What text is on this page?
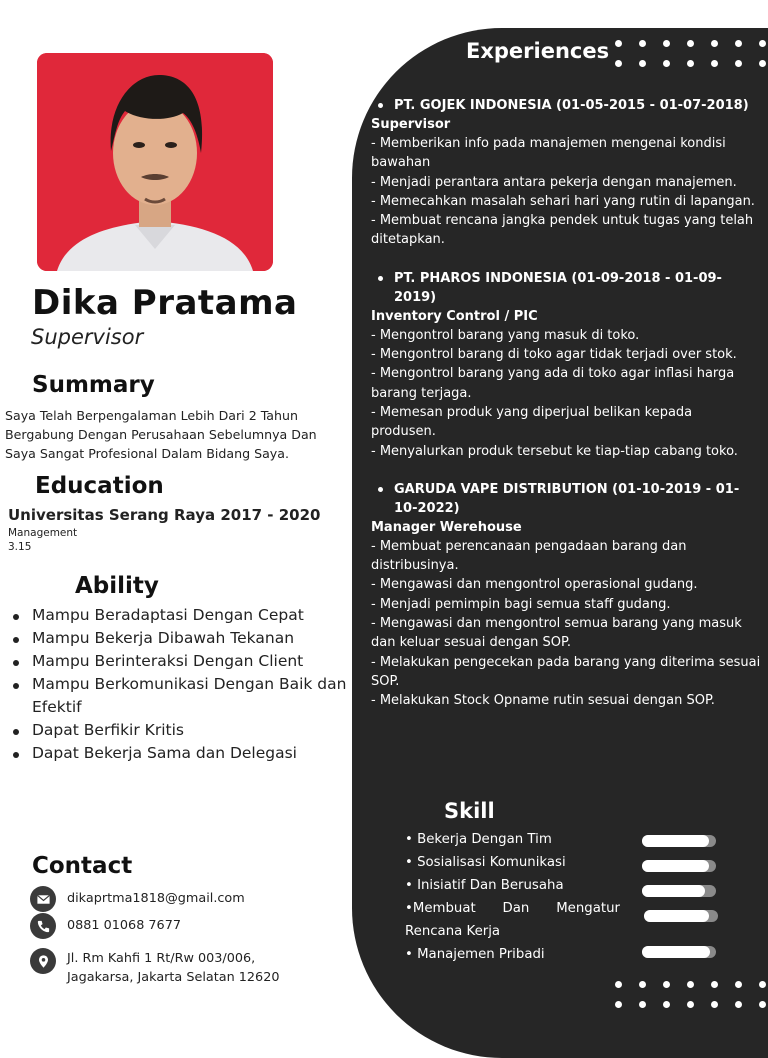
Experiences
PT. GOJEK INDONESIA (01-05-2015 - 01-07-2018)
Supervisor
- Memberikan info pada manajemen mengenai kondisi bawahan
- Menjadi perantara antara pekerja dengan manajemen.
- Memecahkan masalah sehari hari yang rutin di lapangan.
- Membuat rencana jangka pendek untuk tugas yang telah ditetapkan.
PT. PHAROS INDONESIA (01-09-2018 - 01-09-2019)
Inventory Control / PIC
- Mengontrol barang yang masuk di toko.
- Mengontrol barang di toko agar tidak terjadi over stok.
- Mengontrol barang yang ada di toko agar inflasi harga barang terjaga.
- Memesan produk yang diperjual belikan kepada produsen.
- Menyalurkan produk tersebut ke tiap-tiap cabang toko.
GARUDA VAPE DISTRIBUTION (01-10-2019 - 01-10-2022)
Manager Werehouse
- Membuat perencanaan pengadaan barang dan distribusinya.
- Mengawasi dan mengontrol operasional gudang.
- Menjadi pemimpin bagi semua staff gudang.
- Mengawasi dan mengontrol semua barang yang masuk dan keluar sesuai dengan SOP.
- Melakukan pengecekan pada barang yang diterima sesuai SOP.
- Melakukan Stock Opname rutin sesuai dengan SOP.
Skill
• Bekerja Dengan Tim
• Sosialisasi Komunikasi
• Inisiatif Dan Berusaha
•Membuat Dan Mengatur Rencana Kerja
• Manajemen Pribadi
Dika Pratama
Supervisor
Summary
Saya Telah Berpengalaman Lebih Dari 2 Tahun Bergabung Dengan Perusahaan Sebelumnya Dan Saya Sangat Profesional Dalam Bidang Saya.
Education
Universitas Serang Raya 2017 - 2020
Management
3.15
Ability
Mampu Beradaptasi Dengan Cepat
Mampu Bekerja Dibawah Tekanan
Mampu Berinteraksi Dengan Client
Mampu Berkomunikasi Dengan Baik dan Efektif
Dapat Berfikir Kritis
Dapat Bekerja Sama dan Delegasi
Contact
dikaprtma1818@gmail.com
0881 01068 7677
Jl. Rm Kahfi 1 Rt/Rw 003/006, Jagakarsa, Jakarta Selatan 12620
